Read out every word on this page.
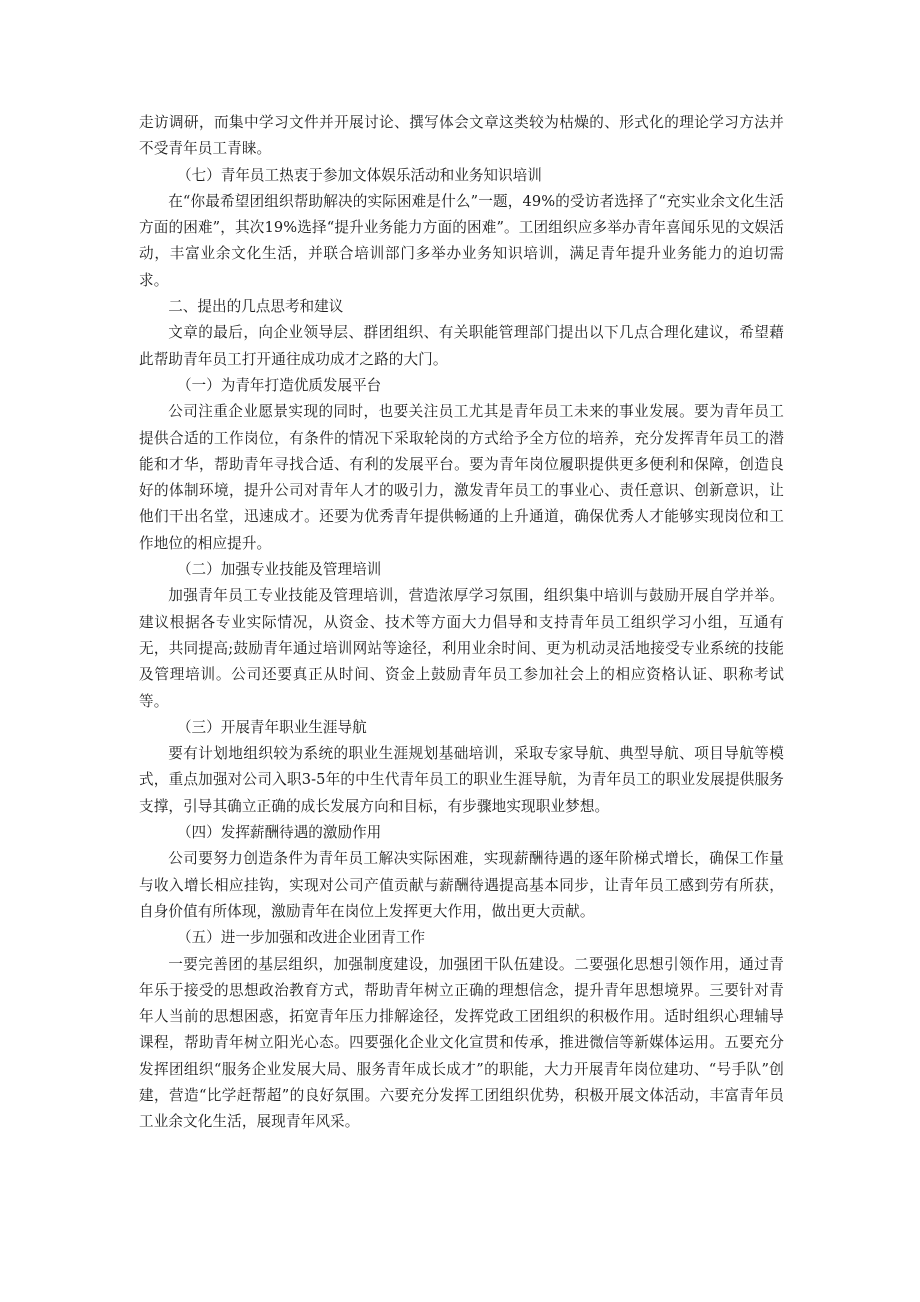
走访调研，而集中学习文件并开展讨论、撰写体会文章这类较为枯燥的、形式化的理论学习方法并不受青年员工青睐。

（七）青年员工热衷于参加文体娱乐活动和业务知识培训

在“你最希望团组织帮助解决的实际困难是什么”一题，49%的受访者选择了“充实业余文化生活方面的困难”，其次19%选择“提升业务能力方面的困难”。工团组织应多举办青年喜闻乐见的文娱活动，丰富业余文化生活，并联合培训部门多举办业务知识培训，满足青年提升业务能力的迫切需求。

二、提出的几点思考和建议

文章的最后，向企业领导层、群团组织、有关职能管理部门提出以下几点合理化建议，希望藉此帮助青年员工打开通往成功成才之路的大门。

（一）为青年打造优质发展平台

公司注重企业愿景实现的同时，也要关注员工尤其是青年员工未来的事业发展。要为青年员工提供合适的工作岗位，有条件的情况下采取轮岗的方式给予全方位的培养，充分发挥青年员工的潜能和才华，帮助青年寻找合适、有利的发展平台。要为青年岗位履职提供更多便利和保障，创造良好的体制环境，提升公司对青年人才的吸引力，激发青年员工的事业心、责任意识、创新意识，让他们干出名堂，迅速成才。还要为优秀青年提供畅通的上升通道，确保优秀人才能够实现岗位和工作地位的相应提升。

（二）加强专业技能及管理培训

加强青年员工专业技能及管理培训，营造浓厚学习氛围，组织集中培训与鼓励开展自学并举。建议根据各专业实际情况，从资金、技术等方面大力倡导和支持青年员工组织学习小组，互通有无，共同提高;鼓励青年通过培训网站等途径，利用业余时间、更为机动灵活地接受专业系统的技能及管理培训。公司还要真正从时间、资金上鼓励青年员工参加社会上的相应资格认证、职称考试等。

（三）开展青年职业生涯导航

要有计划地组织较为系统的职业生涯规划基础培训，采取专家导航、典型导航、项目导航等模式，重点加强对公司入职3-5年的中生代青年员工的职业生涯导航，为青年员工的职业发展提供服务支撑，引导其确立正确的成长发展方向和目标，有步骤地实现职业梦想。

（四）发挥薪酬待遇的激励作用

公司要努力创造条件为青年员工解决实际困难，实现薪酬待遇的逐年阶梯式增长，确保工作量与收入增长相应挂钩，实现对公司产值贡献与薪酬待遇提高基本同步，让青年员工感到劳有所获，自身价值有所体现，激励青年在岗位上发挥更大作用，做出更大贡献。

（五）进一步加强和改进企业团青工作

一要完善团的基层组织，加强制度建设，加强团干队伍建设。二要强化思想引领作用，通过青年乐于接受的思想政治教育方式，帮助青年树立正确的理想信念，提升青年思想境界。三要针对青年人当前的思想困惑，拓宽青年压力排解途径，发挥党政工团组织的积极作用。适时组织心理辅导课程，帮助青年树立阳光心态。四要强化企业文化宣贯和传承，推进微信等新媒体运用。五要充分发挥团组织“服务企业发展大局、服务青年成长成才”的职能，大力开展青年岗位建功、“号手队”创建，营造“比学赶帮超”的良好氛围。六要充分发挥工团组织优势，积极开展文体活动，丰富青年员工业余文化生活，展现青年风采。
